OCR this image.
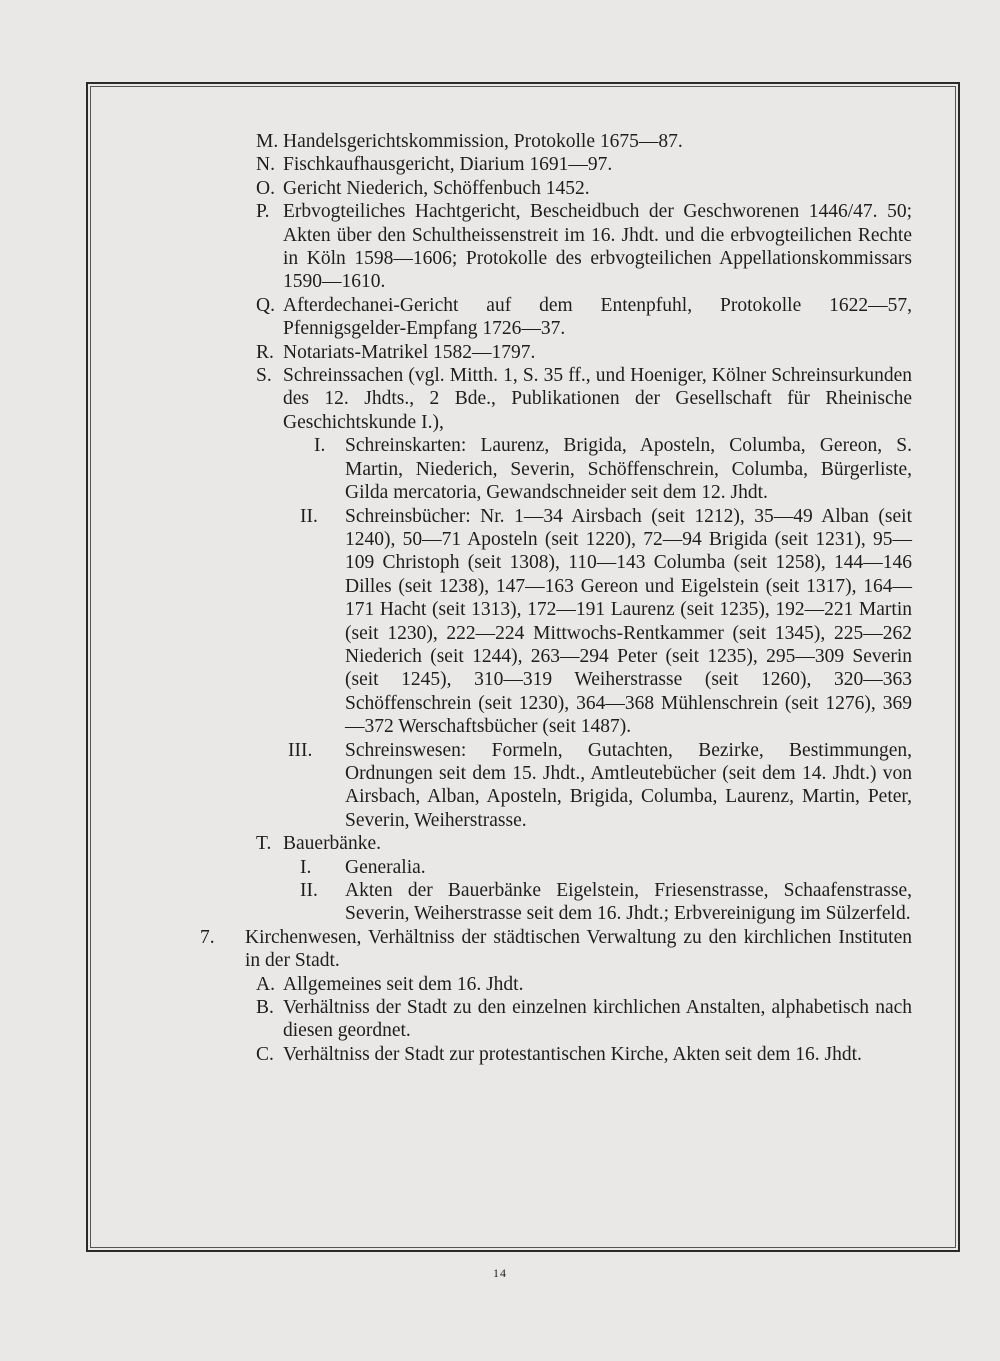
M. Handelsgerichtskommission, Protokolle 1675—87.

N. Fischkaufhausgericht, Diarium 1691—97.

O. Gericht Niederich, Schöffenbuch 1452.

P. Erbvogteiliches Hachtgericht, Bescheidbuch der Geschworenen 1446/47. 50; Akten über den Schultheissenstreit im 16. Jhdt. und die erbvogteilichen Rechte in Köln 1598—1606; Protokolle des erbvogteilichen Appellationskommissars 1590—1610.

Q. Afterdechanei-Gericht auf dem Entenpfuhl, Protokolle 1622—57, Pfennigsgelder-Empfang 1726—37.

R. Notariats-Matrikel 1582—1797.

S. Schreinssachen (vgl. Mitth. 1, S. 35 ff., und Hoeniger, Kölner Schreinsurkunden des 12. Jhdts., 2 Bde., Publikationen der Gesellschaft für Rheinische Geschichtskunde I.),

I. Schreinskarten: Laurenz, Brigida, Aposteln, Columba, Gereon, S. Martin, Niederich, Severin, Schöffenschrein, Columba, Bürgerliste, Gilda mercatoria, Gewandschneider seit dem 12. Jhdt.

II. Schreinsbücher: Nr. 1—34 Airsbach (seit 1212), 35—49 Alban (seit 1240), 50—71 Aposteln (seit 1220), 72—94 Brigida (seit 1231), 95—109 Christoph (seit 1308), 110—143 Columba (seit 1258), 144—146 Dilles (seit 1238), 147—163 Gereon und Eigelstein (seit 1317), 164—171 Hacht (seit 1313), 172—191 Laurenz (seit 1235), 192—221 Martin (seit 1230), 222—224 Mittwochs-Rentkammer (seit 1345), 225—262 Niederich (seit 1244), 263—294 Peter (seit 1235), 295—309 Severin (seit 1245), 310—319 Weiherstrasse (seit 1260), 320—363 Schöffenschrein (seit 1230), 364—368 Mühlenschrein (seit 1276), 369—372 Werschaftsbücher (seit 1487).

III. Schreinswesen: Formeln, Gutachten, Bezirke, Bestimmungen, Ordnungen seit dem 15. Jhdt., Amtleutebücher (seit dem 14. Jhdt.) von Airsbach, Alban, Aposteln, Brigida, Columba, Laurenz, Martin, Peter, Severin, Weiherstrasse.

T. Bauerbänke.

I. Generalia.

II. Akten der Bauerbänke Eigelstein, Friesenstrasse, Schaafenstrasse, Severin, Weiherstrasse seit dem 16. Jhdt.; Erbvereinigung im Sülzerfeld.

7. Kirchenwesen, Verhältniss der städtischen Verwaltung zu den kirchlichen Instituten in der Stadt.

A. Allgemeines seit dem 16. Jhdt.

B. Verhältniss der Stadt zu den einzelnen kirchlichen Anstalten, alphabetisch nach diesen geordnet.

C. Verhältniss der Stadt zur protestantischen Kirche, Akten seit dem 16. Jhdt.

14
